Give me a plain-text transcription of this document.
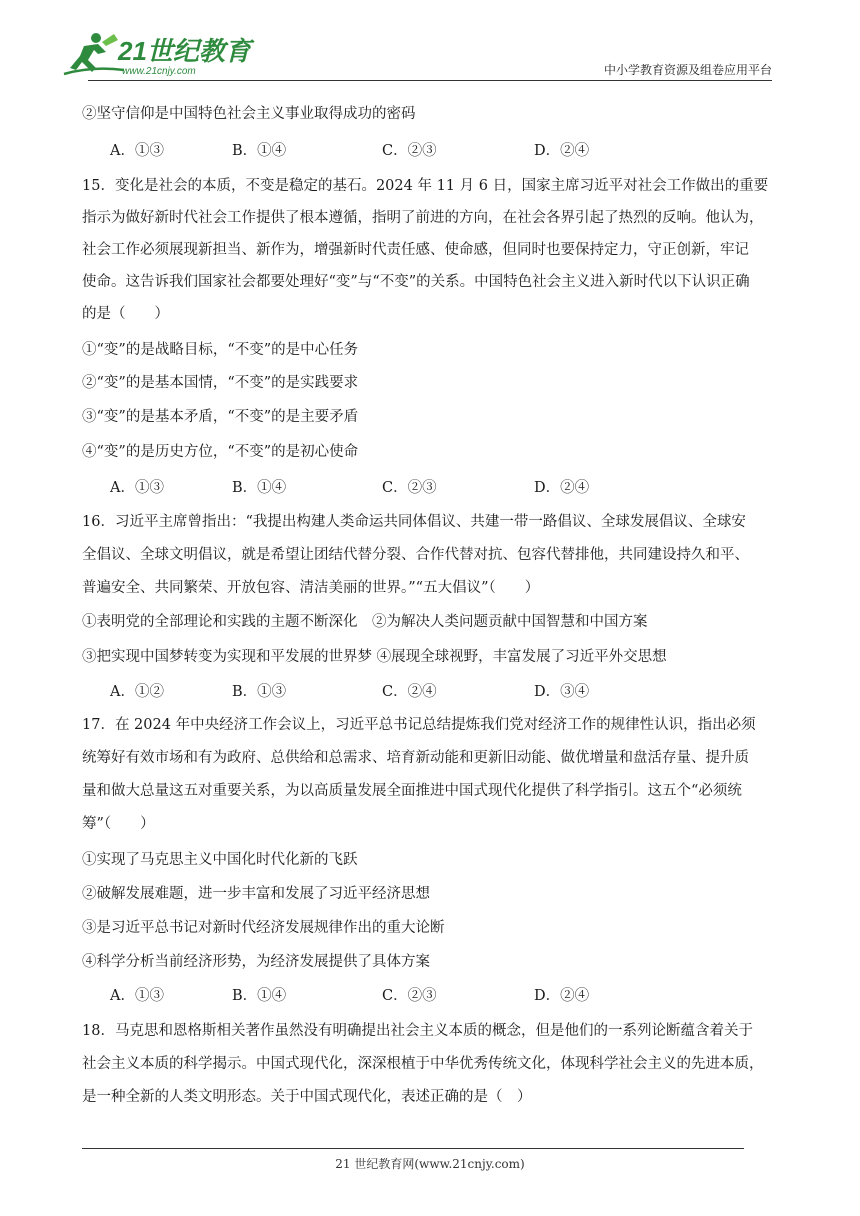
21世纪教育
www.21cnjy.com	中小学教育资源及组卷应用平台
②坚守信仰是中国特色社会主义事业取得成功的密码
A．①③	B．①④	C．②③	D．②④
15．变化是社会的本质，不变是稳定的基石。2024 年 11 月 6 日，国家主席习近平对社会工作做出的重要
指示为做好新时代社会工作提供了根本遵循，指明了前进的方向，在社会各界引起了热烈的反响。他认为，
社会工作必须展现新担当、新作为，增强新时代责任感、使命感，但同时也要保持定力，守正创新，牢记
使命。这告诉我们国家社会都要处理好“变”与“不变”的关系。中国特色社会主义进入新时代以下认识正确
的是（　　）
①“变”的是战略目标，“不变”的是中心任务
②“变”的是基本国情，“不变”的是实践要求
③“变”的是基本矛盾，“不变”的是主要矛盾
④“变”的是历史方位，“不变”的是初心使命
A．①③	B．①④	C．②③	D．②④
16．习近平主席曾指出：“我提出构建人类命运共同体倡议、共建一带一路倡议、全球发展倡议、全球安
全倡议、全球文明倡议，就是希望让团结代替分裂、合作代替对抗、包容代替排他，共同建设持久和平、
普遍安全、共同繁荣、开放包容、清洁美丽的世界。”“五大倡议”（　　）
①表明党的全部理论和实践的主题不断深化　②为解决人类问题贡献中国智慧和中国方案
③把实现中国梦转变为实现和平发展的世界梦 ④展现全球视野，丰富发展了习近平外交思想
A．①②	B．①③	C．②④	D．③④
17．在 2024 年中央经济工作会议上，习近平总书记总结提炼我们党对经济工作的规律性认识，指出必须
统筹好有效市场和有为政府、总供给和总需求、培育新动能和更新旧动能、做优增量和盘活存量、提升质
量和做大总量这五对重要关系，为以高质量发展全面推进中国式现代化提供了科学指引。这五个“必须统
筹”（　　）
①实现了马克思主义中国化时代化新的飞跃
②破解发展难题，进一步丰富和发展了习近平经济思想
③是习近平总书记对新时代经济发展规律作出的重大论断
④科学分析当前经济形势，为经济发展提供了具体方案
A．①③	B．①④	C．②③	D．②④
18．马克思和恩格斯相关著作虽然没有明确提出社会主义本质的概念，但是他们的一系列论断蕴含着关于
社会主义本质的科学揭示。中国式现代化，深深根植于中华优秀传统文化，体现科学社会主义的先进本质，
是一种全新的人类文明形态。关于中国式现代化，表述正确的是（　）
21 世纪教育网(www.21cnjy.com)
